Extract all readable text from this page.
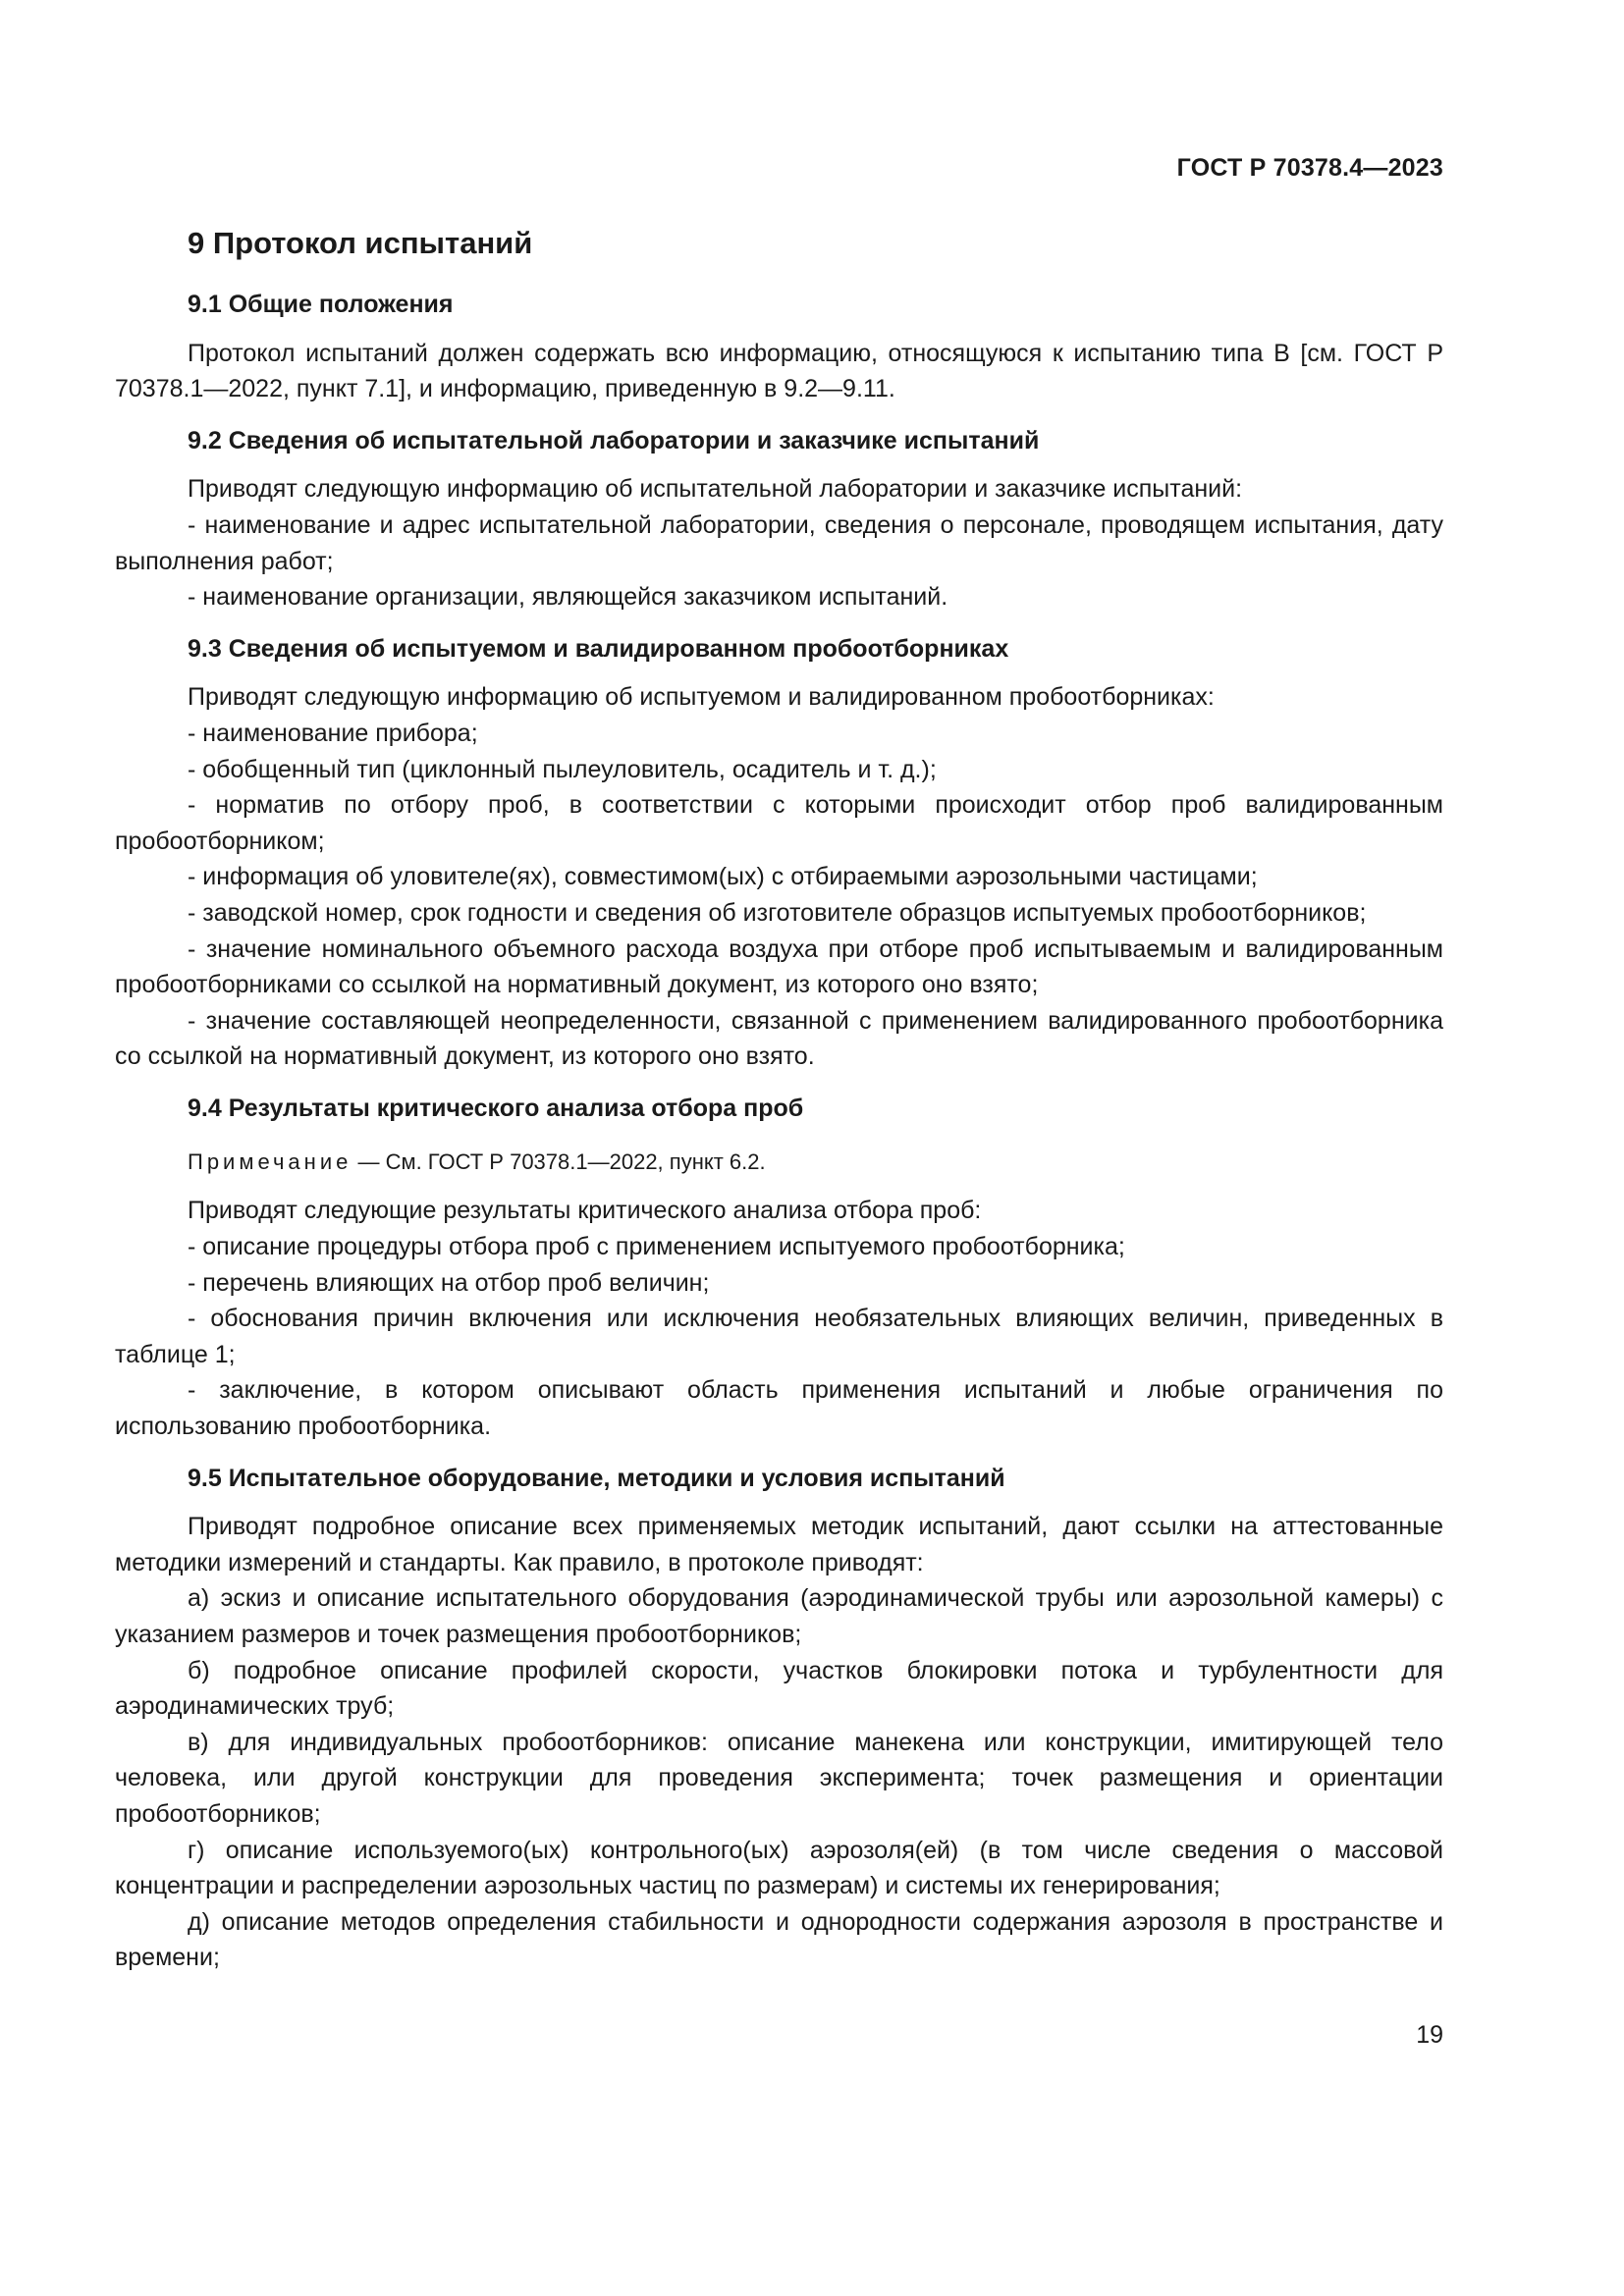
ГОСТ Р 70378.4—2023
9 Протокол испытаний
9.1 Общие положения

Протокол испытаний должен содержать всю информацию, относящуюся к испытанию типа В [см. ГОСТ Р 70378.1—2022, пункт 7.1], и информацию, приведенную в 9.2—9.11.

9.2 Сведения об испытательной лаборатории и заказчике испытаний

Приводят следующую информацию об испытательной лаборатории и заказчике испытаний:

- наименование и адрес испытательной лаборатории, сведения о персонале, проводящем испытания, дату выполнения работ;

- наименование организации, являющейся заказчиком испытаний.

9.3 Сведения об испытуемом и валидированном пробоотборниках

Приводят следующую информацию об испытуемом и валидированном пробоотборниках:

- наименование прибора;

- обобщенный тип (циклонный пылеуловитель, осадитель и т. д.);

- норматив по отбору проб, в соответствии с которыми происходит отбор проб валидированным пробоотборником;

- информация об уловителе(ях), совместимом(ых) с отбираемыми аэрозольными частицами;

- заводской номер, срок годности и сведения об изготовителе образцов испытуемых пробоотборников;

- значение номинального объемного расхода воздуха при отборе проб испытываемым и валидированным пробоотборниками со ссылкой на нормативный документ, из которого оно взято;

- значение составляющей неопределенности, связанной с применением валидированного пробоотборника со ссылкой на нормативный документ, из которого оно взято.

9.4 Результаты критического анализа отбора проб
Примечание — См. ГОСТ Р 70378.1—2022, пункт 6.2.

Приводят следующие результаты критического анализа отбора проб:

- описание процедуры отбора проб с применением испытуемого пробоотборника;

- перечень влияющих на отбор проб величин;

- обоснования причин включения или исключения необязательных влияющих величин, приведенных в таблице 1;

- заключение, в котором описывают область применения испытаний и любые ограничения по использованию пробоотборника.

9.5 Испытательное оборудование, методики и условия испытаний

Приводят подробное описание всех применяемых методик испытаний, дают ссылки на аттестованные методики измерений и стандарты. Как правило, в протоколе приводят:

а) эскиз и описание испытательного оборудования (аэродинамической трубы или аэрозольной камеры) с указанием размеров и точек размещения пробоотборников;

б) подробное описание профилей скорости, участков блокировки потока и турбулентности для аэродинамических труб;

в) для индивидуальных пробоотборников: описание манекена или конструкции, имитирующей тело человека, или другой конструкции для проведения эксперимента; точек размещения и ориентации пробоотборников;

г) описание используемого(ых) контрольного(ых) аэрозоля(ей) (в том числе сведения о массовой концентрации и распределении аэрозольных частиц по размерам) и системы их генерирования;

д) описание методов определения стабильности и однородности содержания аэрозоля в пространстве и времени;

19
